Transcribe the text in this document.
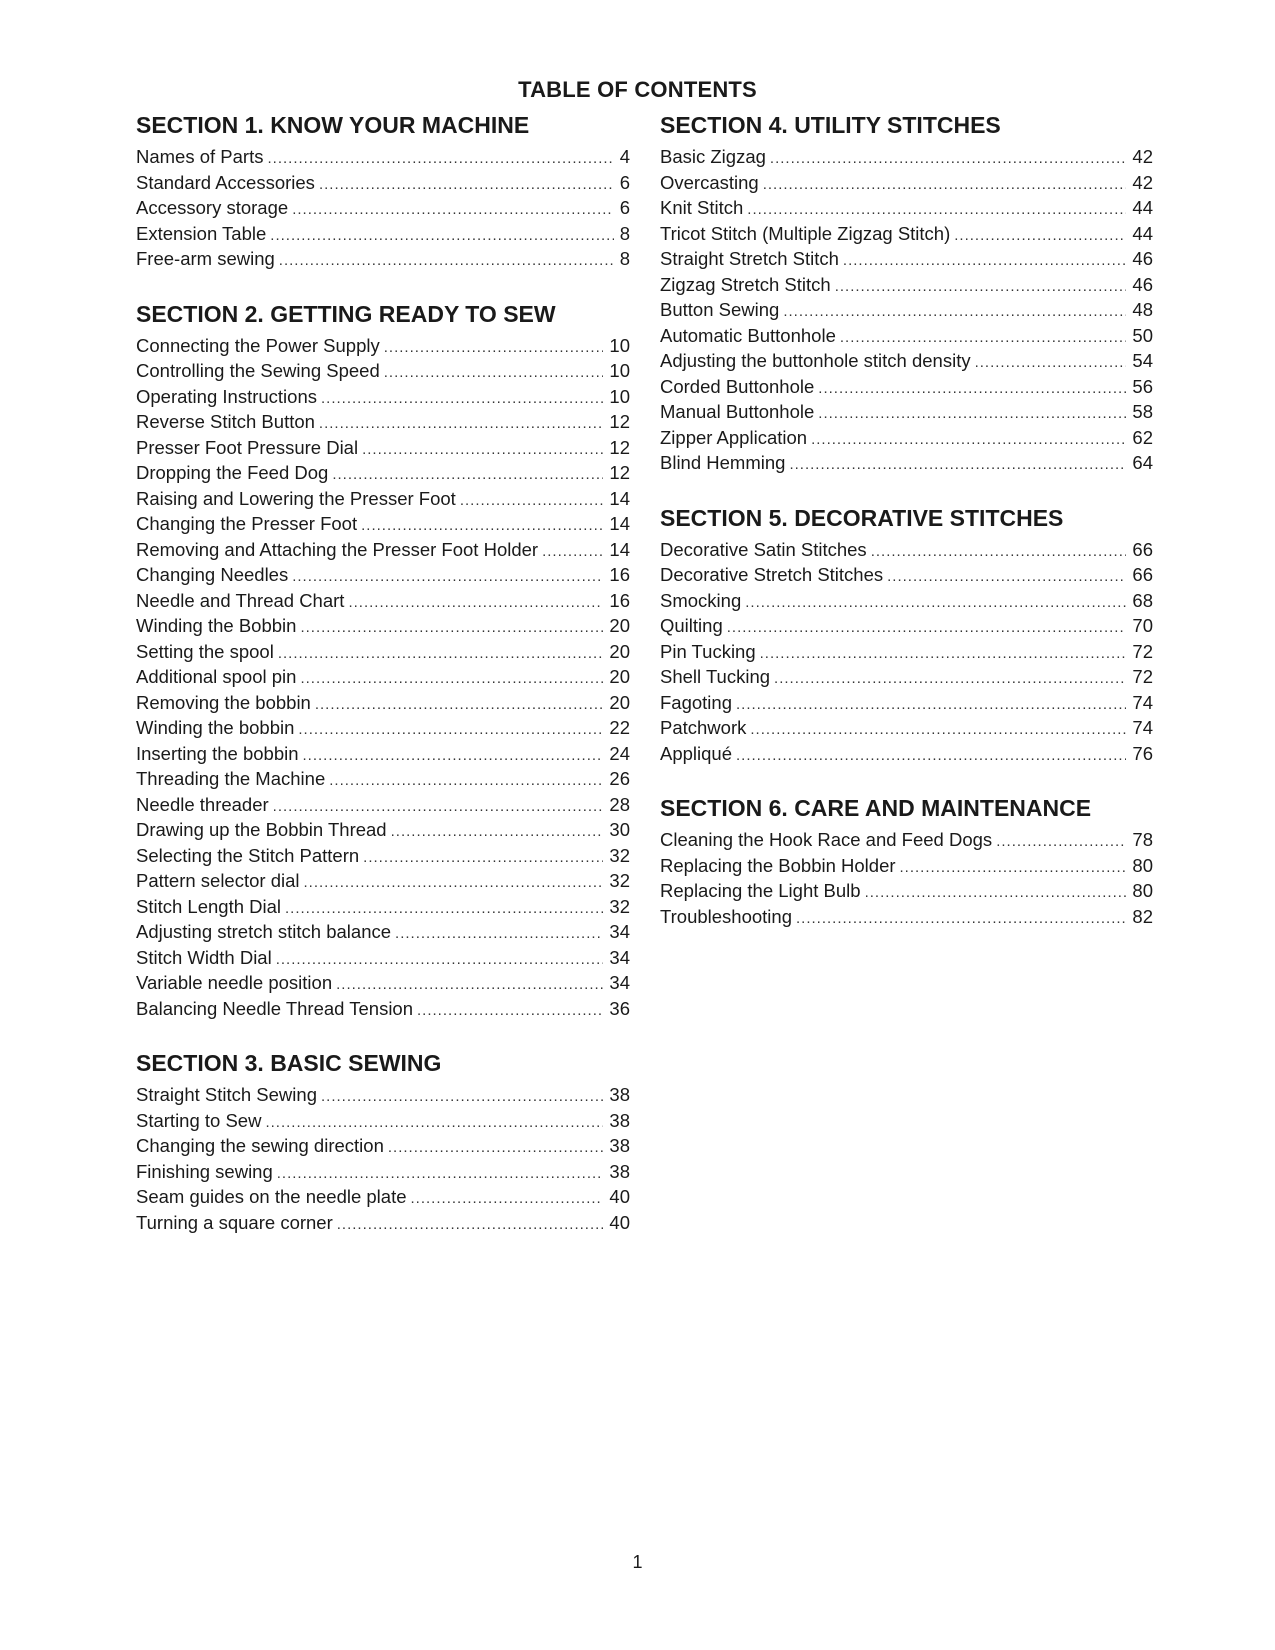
TABLE OF CONTENTS
SECTION 1. KNOW YOUR MACHINE
Names of Parts .....	4
Standard Accessories .....	6
Accessory storage .....	6
Extension Table .....	8
Free-arm sewing .....	8
SECTION 2. GETTING READY TO SEW
Connecting the Power Supply .....	10
Controlling the Sewing Speed .....	10
Operating Instructions .....	10
Reverse Stitch Button .....	12
Presser Foot Pressure Dial .....	12
Dropping the Feed Dog .....	12
Raising and Lowering the Presser Foot .....	14
Changing the Presser Foot .....	14
Removing and Attaching the Presser Foot Holder .....	14
Changing Needles .....	16
Needle and Thread Chart .....	16
Winding the Bobbin .....	20
Setting the spool .....	20
Additional spool pin .....	20
Removing the bobbin .....	20
Winding the bobbin .....	22
Inserting the bobbin .....	24
Threading the Machine .....	26
Needle threader .....	28
Drawing up the Bobbin Thread .....	30
Selecting the Stitch Pattern .....	32
Pattern selector dial .....	32
Stitch Length Dial .....	32
Adjusting stretch stitch balance .....	34
Stitch Width Dial .....	34
Variable needle position .....	34
Balancing Needle Thread Tension .....	36
SECTION 3. BASIC SEWING
Straight Stitch Sewing .....	38
Starting to Sew .....	38
Changing the sewing direction .....	38
Finishing sewing .....	38
Seam guides on the needle plate .....	40
Turning a square corner .....	40
SECTION 4. UTILITY STITCHES
Basic Zigzag .....	42
Overcasting .....	42
Knit Stitch .....	44
Tricot Stitch (Multiple Zigzag Stitch) .....	44
Straight Stretch Stitch .....	46
Zigzag Stretch Stitch .....	46
Button Sewing .....	48
Automatic Buttonhole .....	50
Adjusting the buttonhole stitch density .....	54
Corded Buttonhole .....	56
Manual Buttonhole .....	58
Zipper Application .....	62
Blind Hemming .....	64
SECTION 5. DECORATIVE STITCHES
Decorative Satin Stitches .....	66
Decorative Stretch Stitches .....	66
Smocking .....	68
Quilting .....	70
Pin Tucking .....	72
Shell Tucking .....	72
Fagoting .....	74
Patchwork .....	74
Appliqué .....	76
SECTION 6. CARE AND MAINTENANCE
Cleaning the Hook Race and Feed Dogs .....	78
Replacing the Bobbin Holder .....	80
Replacing the Light Bulb .....	80
Troubleshooting .....	82
1
